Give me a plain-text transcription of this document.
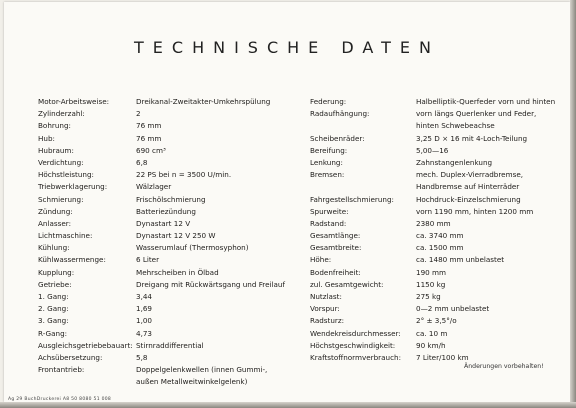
TECHNISCHE DATEN
Motor-Arbeitsweise:	Dreikanal-Zweitakter-Umkehrspülung
Zylinderzahl:	2
Bohrung:	76 mm
Hub:	76 mm
Hubraum:	690 cm³
Verdichtung:	6,8
Höchstleistung:	22 PS bei n = 3500 U/min.
Triebwerklagerung:	Wälzlager
Schmierung:	Frischölschmierung
Zündung:	Batteriezündung
Anlasser:	Dynastart 12 V
Lichtmaschine:	Dynastart 12 V 250 W
Kühlung:	Wasserumlauf (Thermosyphon)
Kühlwassermenge:	6 Liter
Kupplung:	Mehrscheiben in Ölbad
Getriebe:	Dreigang mit Rückwärtsgang und Freilauf
1. Gang:	3,44
2. Gang:	1,69
3. Gang:	1,00
R-Gang:	4,73
Ausgleichsgetriebebauart: Stirnraddifferential
Achsübersetzung:	5,8
Frontantrieb:	Doppelgelenkwellen (innen Gummi-,
außen Metallweitwinkelgelenk)
Federung:	Halbelliptik-Querfeder vorn und hinten
Radaufhängung:	vorn längs Querlenker und Feder,
hinten Schwebeachse
Scheibenräder:	3,25 D × 16 mit 4-Loch-Teilung
Bereifung:	5,00—16
Lenkung:	Zahnstangenlenkung
Bremsen:	mech. Duplex-Vierradbremse,
Handbremse auf Hinterräder
Fahrgestellschmierung:	Hochdruck-Einzelschmierung
Spurweite:	vorn 1190 mm, hinten 1200 mm
Radstand:	2380 mm
Gesamtlänge:	ca. 3740 mm
Gesamtbreite:	ca. 1500 mm
Höhe:	ca. 1480 mm unbelastet
Bodenfreiheit:	190 mm
zul. Gesamtgewicht:	1150 kg
Nutzlast:	275 kg
Vorspur:	0—2 mm unbelastet
Radsturz:	2° ± 3,5°/o
Wendekreisdurchmesser: ca. 10 m
Höchstgeschwindigkeit:	90 km/h
Kraftstoffnormverbrauch: 7 Liter/100 km
Änderungen vorbehalten!
Ag 29 BuchDruckerei A8 50 8080 51 008
